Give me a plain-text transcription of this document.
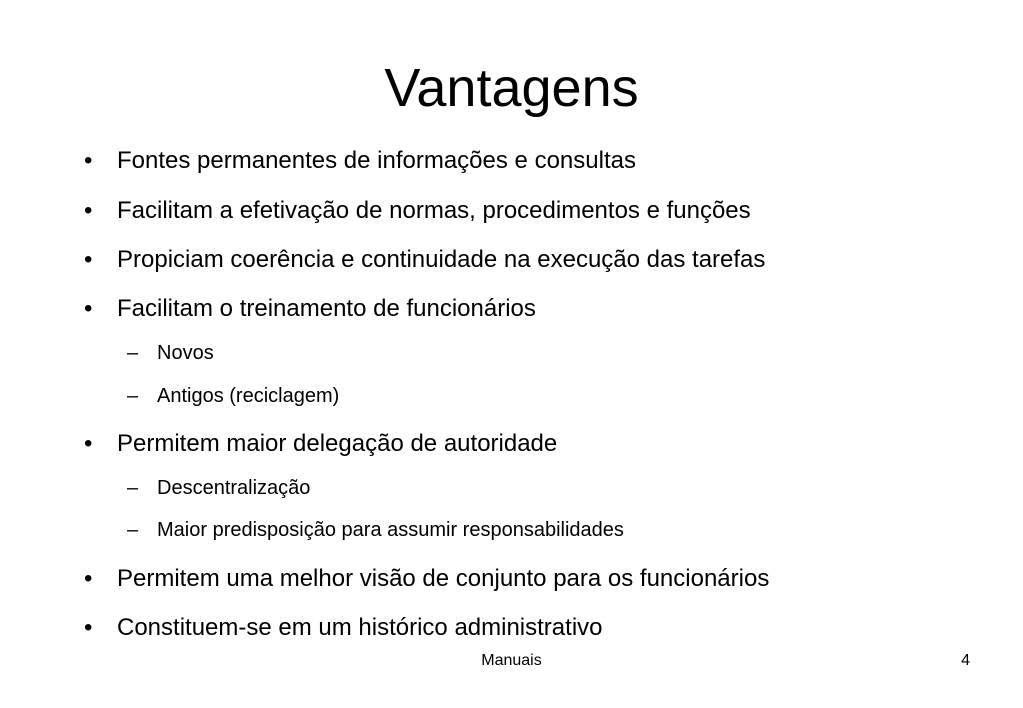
Vantagens
• Fontes permanentes de informações e consultas
• Facilitam a efetivação de normas, procedimentos e funções
• Propiciam coerência e continuidade na execução das tarefas
• Facilitam o treinamento de funcionários
– Novos
– Antigos (reciclagem)
• Permitem maior delegação de autoridade
– Descentralização
– Maior predisposição para assumir responsabilidades
• Permitem uma melhor visão de conjunto para os funcionários
• Constituem-se em um histórico administrativo
Manuais	4
